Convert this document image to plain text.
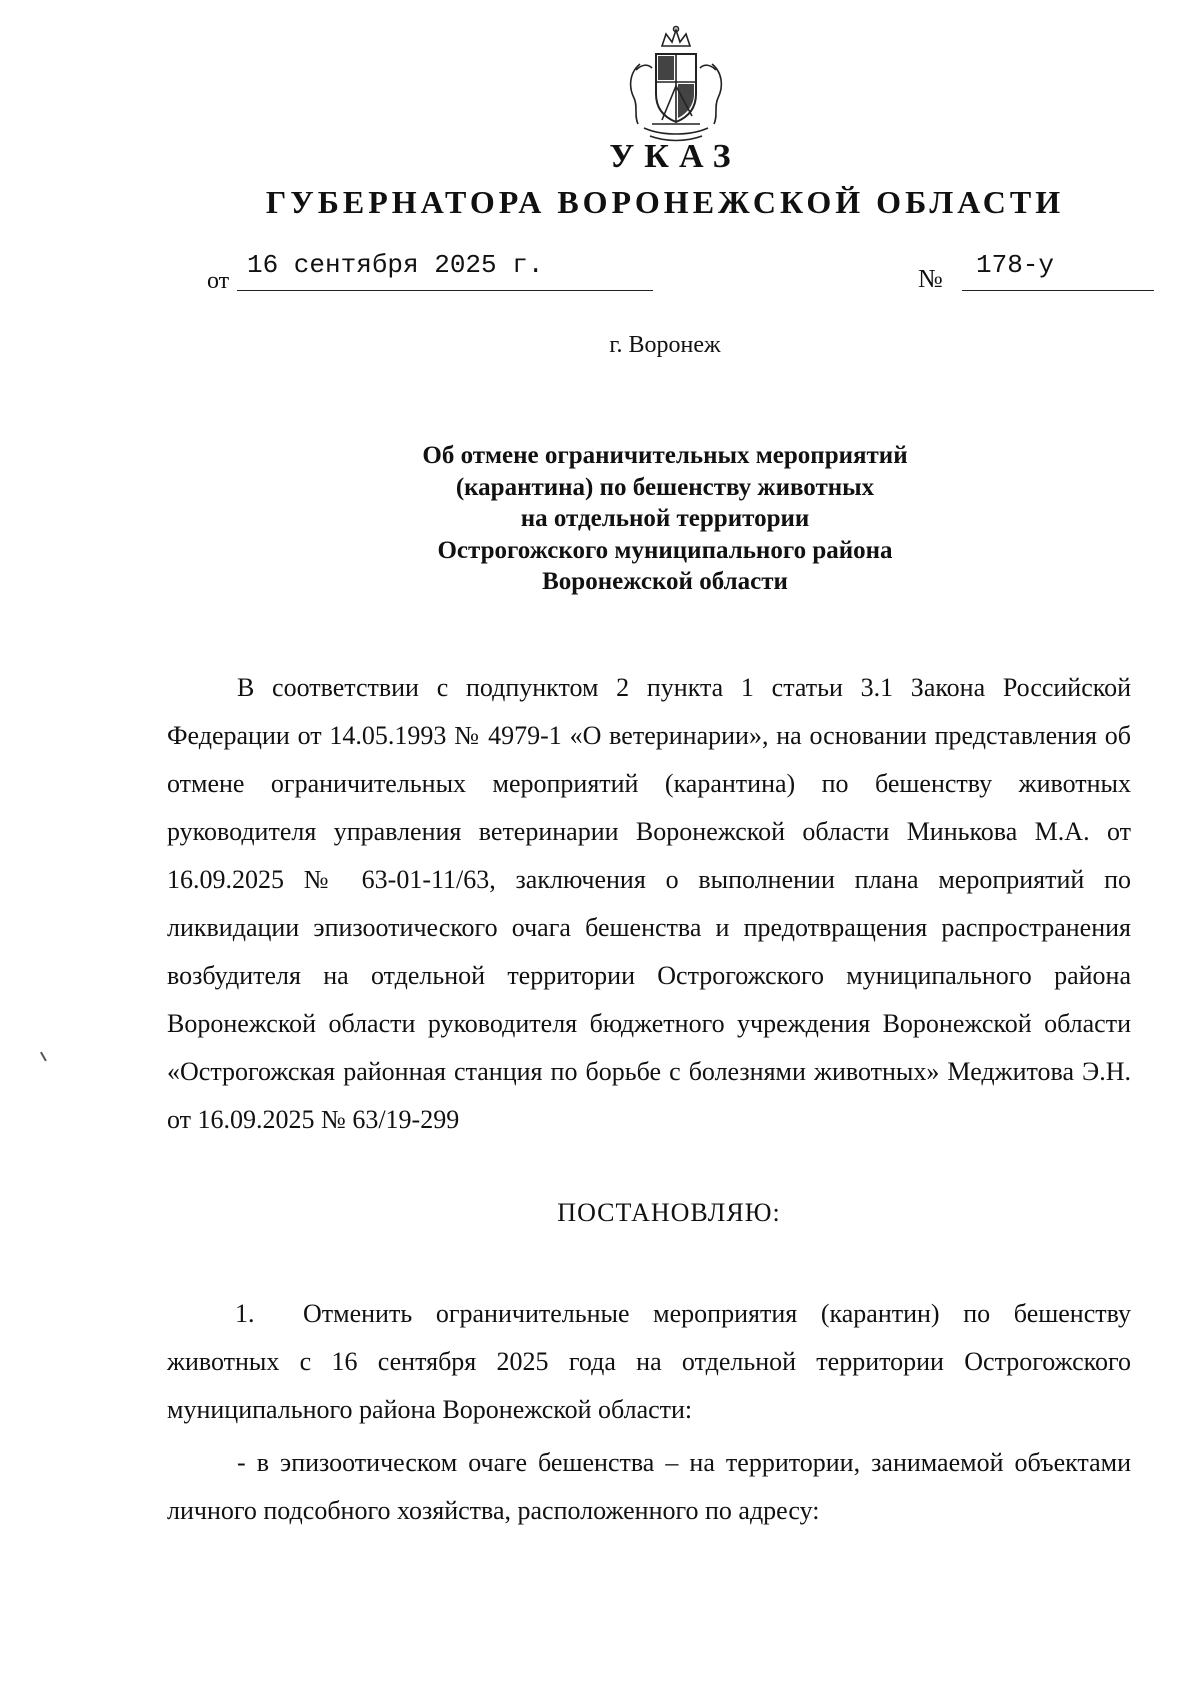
УКАЗ
ГУБЕРНАТОРА ВОРОНЕЖСКОЙ ОБЛАСТИ
от
16 сентября 2025 г.	№ 178-у
г. Воронеж
Об отмене ограничительных мероприятий
(карантина) по бешенству животных
на отдельной территории
Острогожского муниципального района
Воронежской области
В соответствии с подпунктом 2 пункта 1 статьи 3.1 Закона Российской Федерации от 14.05.1993 № 4979-1 «О ветеринарии», на основании представления об отмене ограничительных мероприятий (карантина) по бешенству животных руководителя управления ветеринарии Воронежской области Минькова М.А. от 16.09.2025 № 63-01-11/63, заключения о выполнении плана мероприятий по ликвидации эпизоотического очага бешенства и предотвращения распространения возбудителя на отдельной территории Острогожского муниципального района Воронежской области руководителя бюджетного учреждения Воронежской области «Острогожская районная станция по борьбе с болезнями животных» Меджитова Э.Н. от 16.09.2025 № 63/19-299
ПОСТАНОВЛЯЮ:
1. Отменить ограничительные мероприятия (карантин) по бешенству животных с 16 сентября 2025 года на отдельной территории Острогожского муниципального района Воронежской области:
- в эпизоотическом очаге бешенства – на территории, занимаемой объектами личного подсобного хозяйства, расположенного по адресу:
